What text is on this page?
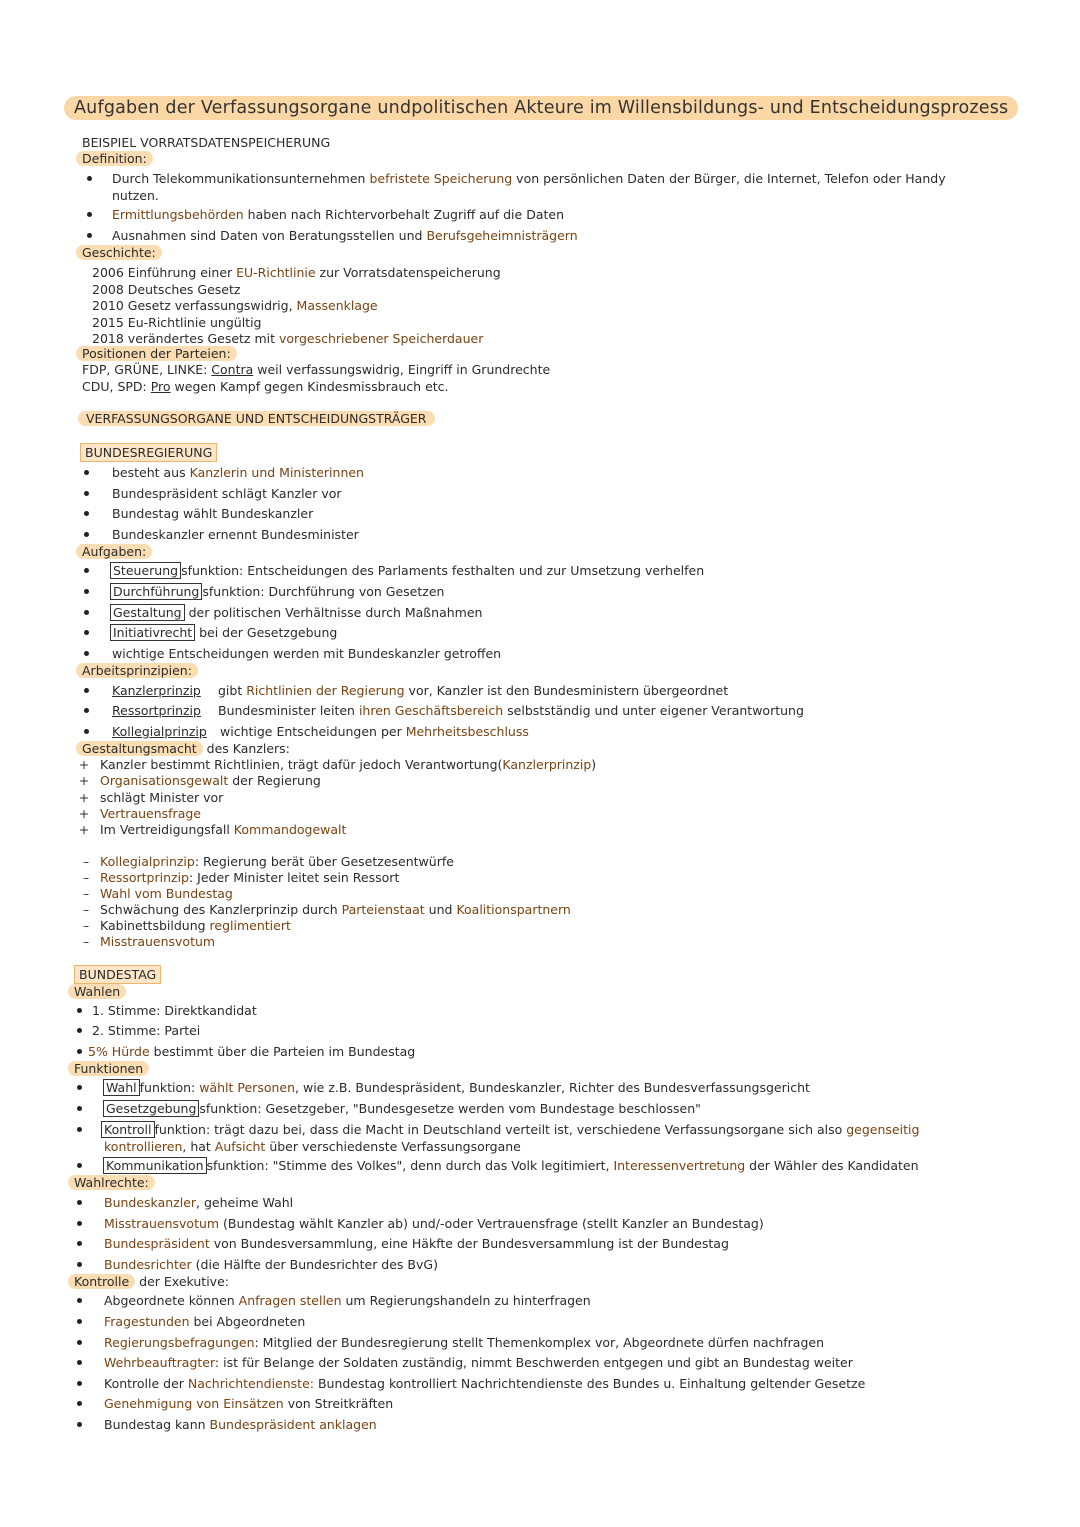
Aufgaben der Verfassungsorgane undpolitischen Akteure im Willensbildungs- und Entscheidungsprozess
BEISPIEL VORRATSDATENSPEICHERUNG
Definition:
Durch Telekommunikationsunternehmen befristete Speicherung von persönlichen Daten der Bürger, die Internet, Telefon oder Handy
nutzen.
Ermittlungsbehörden haben nach Richtervorbehalt Zugriff auf die Daten
Ausnahmen sind Daten von Beratungsstellen und Berufsgeheimnisträgern
Geschichte:
2006 Einführung einer EU-Richtlinie zur Vorratsdatenspeicherung
2008 Deutsches Gesetz
2010 Gesetz verfassungswidrig, Massenklage
2015 Eu-Richtlinie ungültig
2018 verändertes Gesetz mit vorgeschriebener Speicherdauer
Positionen der Parteien:
FDP, GRÜNE, LINKE: Contra weil verfassungswidrig, Eingriff in Grundrechte
CDU, SPD: Pro wegen Kampf gegen Kindesmissbrauch etc.
VERFASSUNGSORGANE UND ENTSCHEIDUNGSTRÄGER
BUNDESREGIERUNG
besteht aus Kanzlerin und Ministerinnen
Bundespräsident schlägt Kanzler vor
Bundestag wählt Bundeskanzler
Bundeskanzler ernennt Bundesminister
Aufgaben:
Steuerung sfunktion: Entscheidungen des Parlaments festhalten und zur Umsetzung verhelfen
Durchführung sfunktion: Durchführung von Gesetzen
Gestaltung der politischen Verhältnisse durch Maßnahmen
Initiativrecht bei der Gesetzgebung
wichtige Entscheidungen werden mit Bundeskanzler getroffen
Arbeitsprinzipien:
Kanzlerprinzip gibt Richtlinien der Regierung vor, Kanzler ist den Bundesministern übergeordnet
Ressortprinzip Bundesminister leiten ihren Geschäftsbereich selbstständig und unter eigener Verantwortung
Kollegialprinzip wichtige Entscheidungen per Mehrheitsbeschluss
Gestaltungsmacht des Kanzlers:
+ Kanzler bestimmt Richtlinien, trägt dafür jedoch Verantwortung(Kanzlerprinzip)
+ Organisationsgewalt der Regierung
+ schlägt Minister vor
+ Vertrauensfrage
+ Im Vertreidigungsfall Kommandogewalt
– Kollegialprinzip: Regierung berät über Gesetzesentwürfe
– Ressortprinzip: Jeder Minister leitet sein Ressort
– Wahl vom Bundestag
– Schwächung des Kanzlerprinzip durch Parteienstaat und Koalitionspartnern
– Kabinettsbildung reglimentiert
– Misstrauensvotum
BUNDESTAG
Wahlen
1. Stimme: Direktkandidat
2. Stimme: Partei
5% Hürde bestimmt über die Parteien im Bundestag
Funktionen
Wahl funktion: wählt Personen, wie z.B. Bundespräsident, Bundeskanzler, Richter des Bundesverfassungsgericht
Gesetzgebung sfunktion: Gesetzgeber, "Bundesgesetze werden vom Bundestage beschlossen"
Kontroll funktion: trägt dazu bei, dass die Macht in Deutschland verteilt ist, verschiedene Verfassungsorgane sich also gegenseitig
kontrollieren, hat Aufsicht über verschiedenste Verfassungsorgane
Kommunikation sfunktion: "Stimme des Volkes", denn durch das Volk legitimiert, Interessenvertretung der Wähler des Kandidaten
Wahlrechte:
Bundeskanzler, geheime Wahl
Misstrauensvotum (Bundestag wählt Kanzler ab) und/-oder Vertrauensfrage (stellt Kanzler an Bundestag)
Bundespräsident von Bundesversammlung, eine Häkfte der Bundesversammlung ist der Bundestag
Bundesrichter (die Hälfte der Bundesrichter des BvG)
Kontrolle der Exekutive:
Abgeordnete können Anfragen stellen um Regierungshandeln zu hinterfragen
Fragestunden bei Abgeordneten
Regierungsbefragungen: Mitglied der Bundesregierung stellt Themenkomplex vor, Abgeordnete dürfen nachfragen
Wehrbeauftragter: ist für Belange der Soldaten zuständig, nimmt Beschwerden entgegen und gibt an Bundestag weiter
Kontrolle der Nachrichtendienste: Bundestag kontrolliert Nachrichtendienste des Bundes u. Einhaltung geltender Gesetze
Genehmigung von Einsätzen von Streitkräften
Bundestag kann Bundespräsident anklagen
